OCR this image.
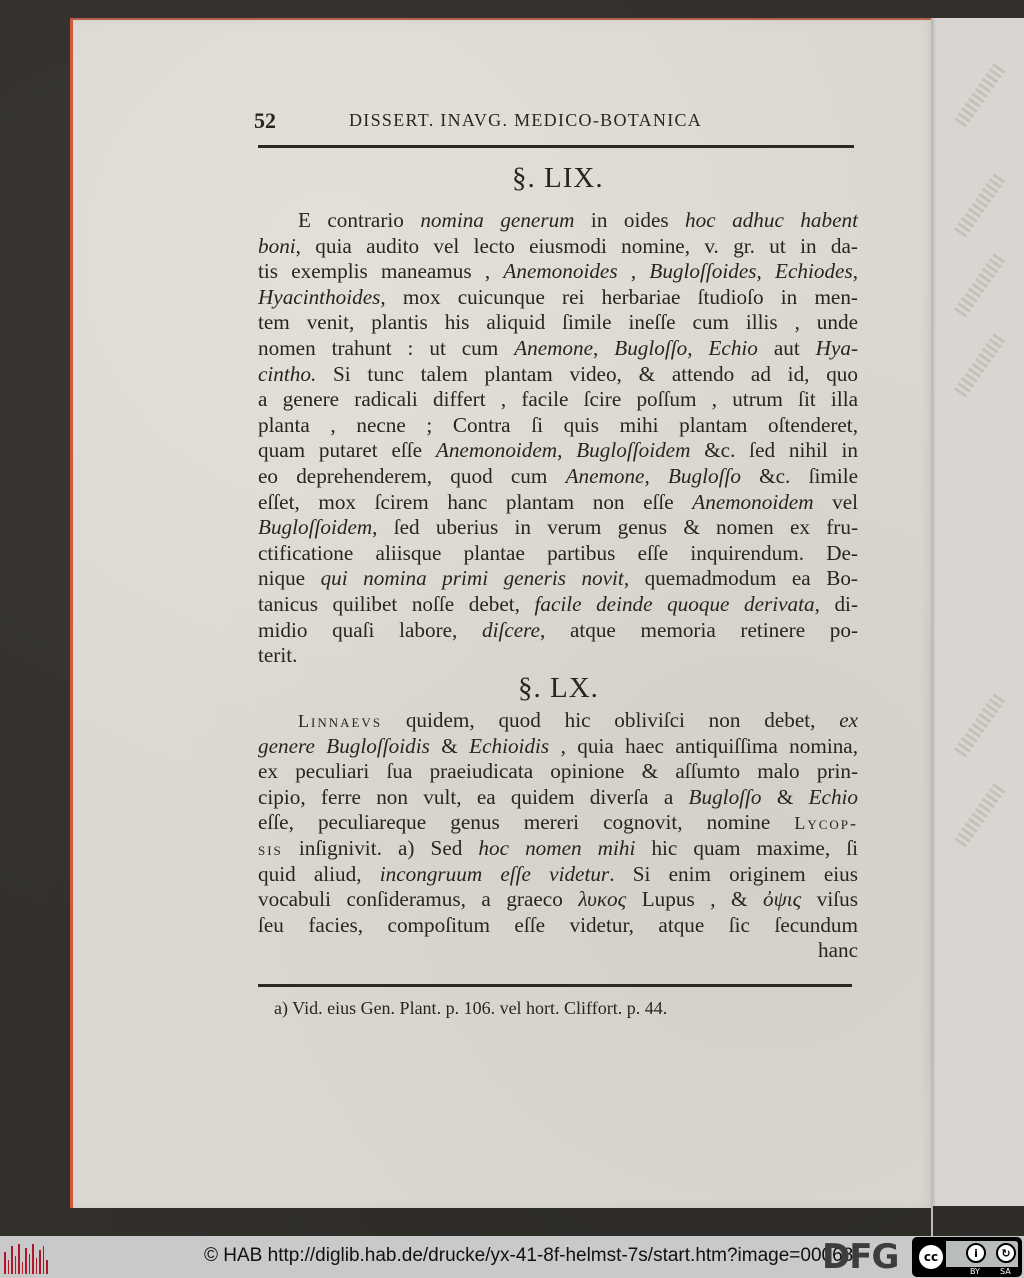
52	DISSERT. INAVG. MEDICO-BOTANICA
§. LIX.
E contrario nomina generum in oides hoc adhuc habent
boni, quia audito vel lecto eiusmodi nomine, v. gr. ut in da-
tis exemplis maneamus , Anemonoides , Bugloſſoides, Echiodes,
Hyacinthoides, mox cuicunque rei herbariae ſtudioſo in men-
tem venit, plantis his aliquid ſimile ineſſe cum illis , unde
nomen trahunt : ut cum Anemone, Bugloſſo, Echio aut Hya-
cintho. Si tunc talem plantam video, & attendo ad id, quo
a genere radicali differt , facile ſcire poſſum , utrum ſit illa
planta , necne ; Contra ſi quis mihi plantam oſtenderet,
quam putaret eſſe Anemonoidem, Bugloſſoidem &c. ſed nihil in
eo deprehenderem, quod cum Anemone, Bugloſſo &c. ſimile
eſſet, mox ſcirem hanc plantam non eſſe Anemonoidem vel
Bugloſſoidem, ſed uberius in verum genus & nomen ex fru-
ctificatione aliisque plantae partibus eſſe inquirendum. De-
nique qui nomina primi generis novit, quemadmodum ea Bo-
tanicus quilibet noſſe debet, facile deinde quoque derivata, di-
midio quaſi labore, diſcere, atque memoria retinere po-
terit.
§. LX.
Linnaevs quidem, quod hic obliviſci non debet, ex
genere Bugloſſoidis & Echioidis , quia haec antiquiſſima nomina,
ex peculiari ſua praeiudicata opinione & aſſumto malo prin-
cipio, ferre non vult, ea quidem diverſa a Bugloſſo & Echio
eſſe, peculiareque genus mereri cognovit, nomine Lycop-
sis inſignivit. a) Sed hoc nomen mihi hic quam maxime, ſi
quid aliud, incongruum eſſe videtur. Si enim originem eius
vocabuli conſideramus, a graeco λυκος Lupus , & ὀψις viſus
ſeu facies, compoſitum eſſe videtur, atque ſic ſecundum
hanc
a) Vid. eius Gen. Plant. p. 106. vel hort. Cliffort. p. 44.
© HAB http://diglib.hab.de/drucke/yx-41-8f-helmst-7s/start.htm?image=00068
DFG	cc	i	↻
BY	SA
